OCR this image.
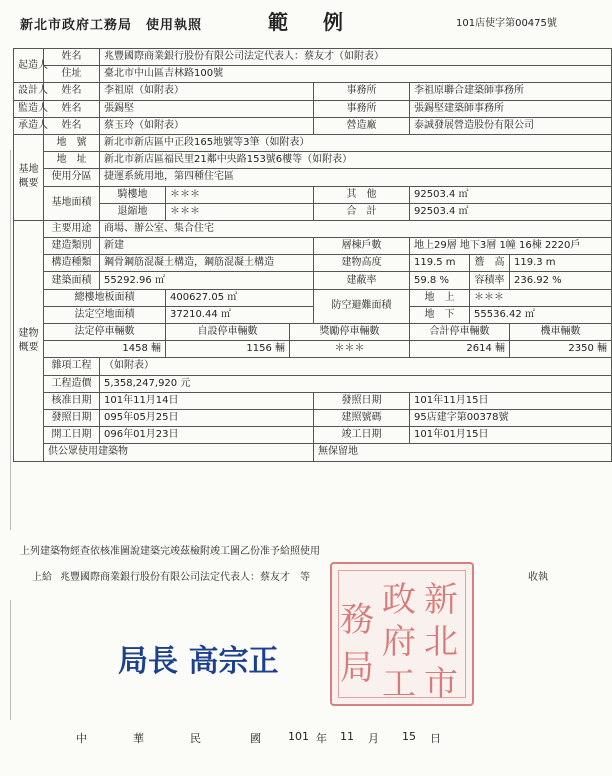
新北市政府工務局　使用執照	範 例	101店使字第00475號
起造人	姓名	兆豐國際商業銀行股份有限公司法定代表人：蔡友才（如附表）						
	住址	臺北市中山區吉林路100號						
設計人	姓名	李祖原（如附表）			事務所	李祖原聯合建築師事務所		
監造人	姓名	張錫堅			事務所	張錫堅建築師事務所		
承造人	姓名	蔡玉玲（如附表）			營造廠	泰誠發展營造股份有限公司		
基地概要	地　號	新北市新店區中正段165地號等3筆（如附表）						
	地　址	新北市新店區福民里21鄰中央路153號6樓等（如附表）						
	使用分區	捷運系統用地，第四種住宅區						
	基地面積	騎樓地	＊＊＊		其　他	92503.4 ㎡		
		退縮地	＊＊＊		合　計	92503.4 ㎡		
建物概要	主要用途	商場、辦公室、集合住宅						
	建造類別	新建			層棟戶數	地上29層 地下3層 1幢 16棟 2220戶		
	構造種類	鋼骨鋼筋混凝土構造，鋼筋混凝土構造			建物高度	119.5 m	簷　高	119.3 m
	建築面積	55292.96 ㎡			建蔽率	59.8 %	容積率	236.92 %
	總樓地板面積		400627.05 ㎡		防空避難面積	地　上	＊＊＊	
	法定空地面積		37210.44 ㎡			地　下	55536.42 ㎡	
	法定停車輛數		自設停車輛數	獎勵停車輛數		合計停車輛數		機車輛數
	1458 輛		1156 輛	＊＊＊		2614 輛		2350 輛
	雜項工程	（如附表）						
	工程造價	5,358,247,920 元						
	核准日期	101年11月14日			發照日期	101年11月15日		
	發照日期	095年05月25日			建照號碼	95店建字第00378號		
	開工日期	096年01月23日			竣工日期	101年01月15日		
	供公眾使用建築物				無保留地			
上列建築物經查依核准圖說建築完竣茲檢附竣工圖乙份准予給照使用
上給 兆豐國際商業銀行股份有限公司法定代表人：蔡友才　等	收執
新
北
市
政
府
工
務
局
局長 高宗正
中	華	民	國 101 年 11 月 15 日
